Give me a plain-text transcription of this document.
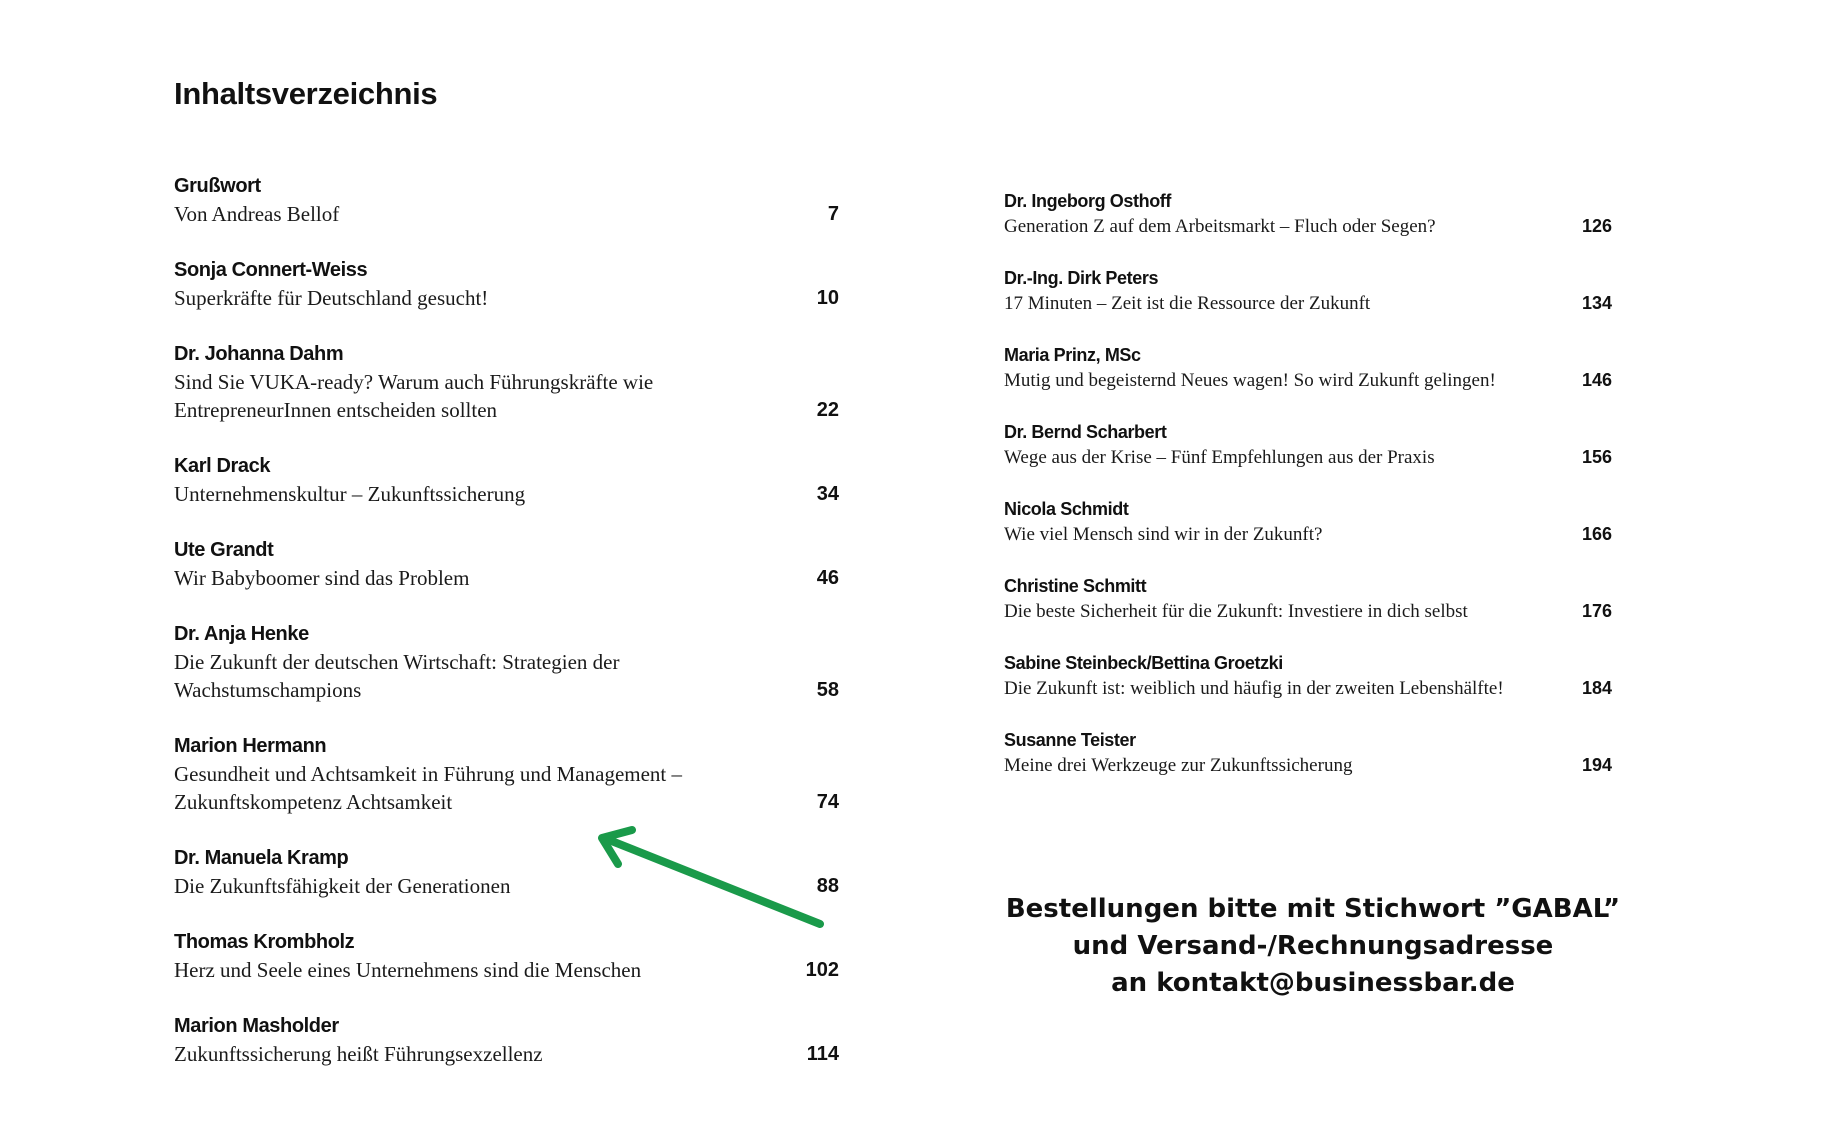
Inhaltsverzeichnis
Grußwort
Von Andreas Bellof	7
Sonja Connert-Weiss
Superkräfte für Deutschland gesucht!	10
Dr. Johanna Dahm
Sind Sie VUKA-ready? Warum auch Führungskräfte wie EntrepreneurInnen entscheiden sollten	22
Karl Drack
Unternehmenskultur – Zukunftssicherung	34
Ute Grandt
Wir Babyboomer sind das Problem	46
Dr. Anja Henke
Die Zukunft der deutschen Wirtschaft: Strategien der Wachstumschampions	58
Marion Hermann
Gesundheit und Achtsamkeit in Führung und Management – Zukunftskompetenz Achtsamkeit	74
Dr. Manuela Kramp
Die Zukunftsfähigkeit der Generationen	88
Thomas Krombholz
Herz und Seele eines Unternehmens sind die Menschen	102
Marion Masholder
Zukunftssicherung heißt Führungsexzellenz	114
Dr. Ingeborg Osthoff
Generation Z auf dem Arbeitsmarkt – Fluch oder Segen?	126
Dr.-Ing. Dirk Peters
17 Minuten – Zeit ist die Ressource der Zukunft	134
Maria Prinz, MSc
Mutig und begeisternd Neues wagen! So wird Zukunft gelingen!	146
Dr. Bernd Scharbert
Wege aus der Krise – Fünf Empfehlungen aus der Praxis	156
Nicola Schmidt
Wie viel Mensch sind wir in der Zukunft?	166
Christine Schmitt
Die beste Sicherheit für die Zukunft: Investiere in dich selbst	176
Sabine Steinbeck/Bettina Groetzki
Die Zukunft ist: weiblich und häufig in der zweiten Lebenshälfte!	184
Susanne Teister
Meine drei Werkzeuge zur Zukunftssicherung	194
Bestellungen bitte mit Stichwort ”GABAL”
und Versand-/Rechnungsadresse
an kontakt@businessbar.de
